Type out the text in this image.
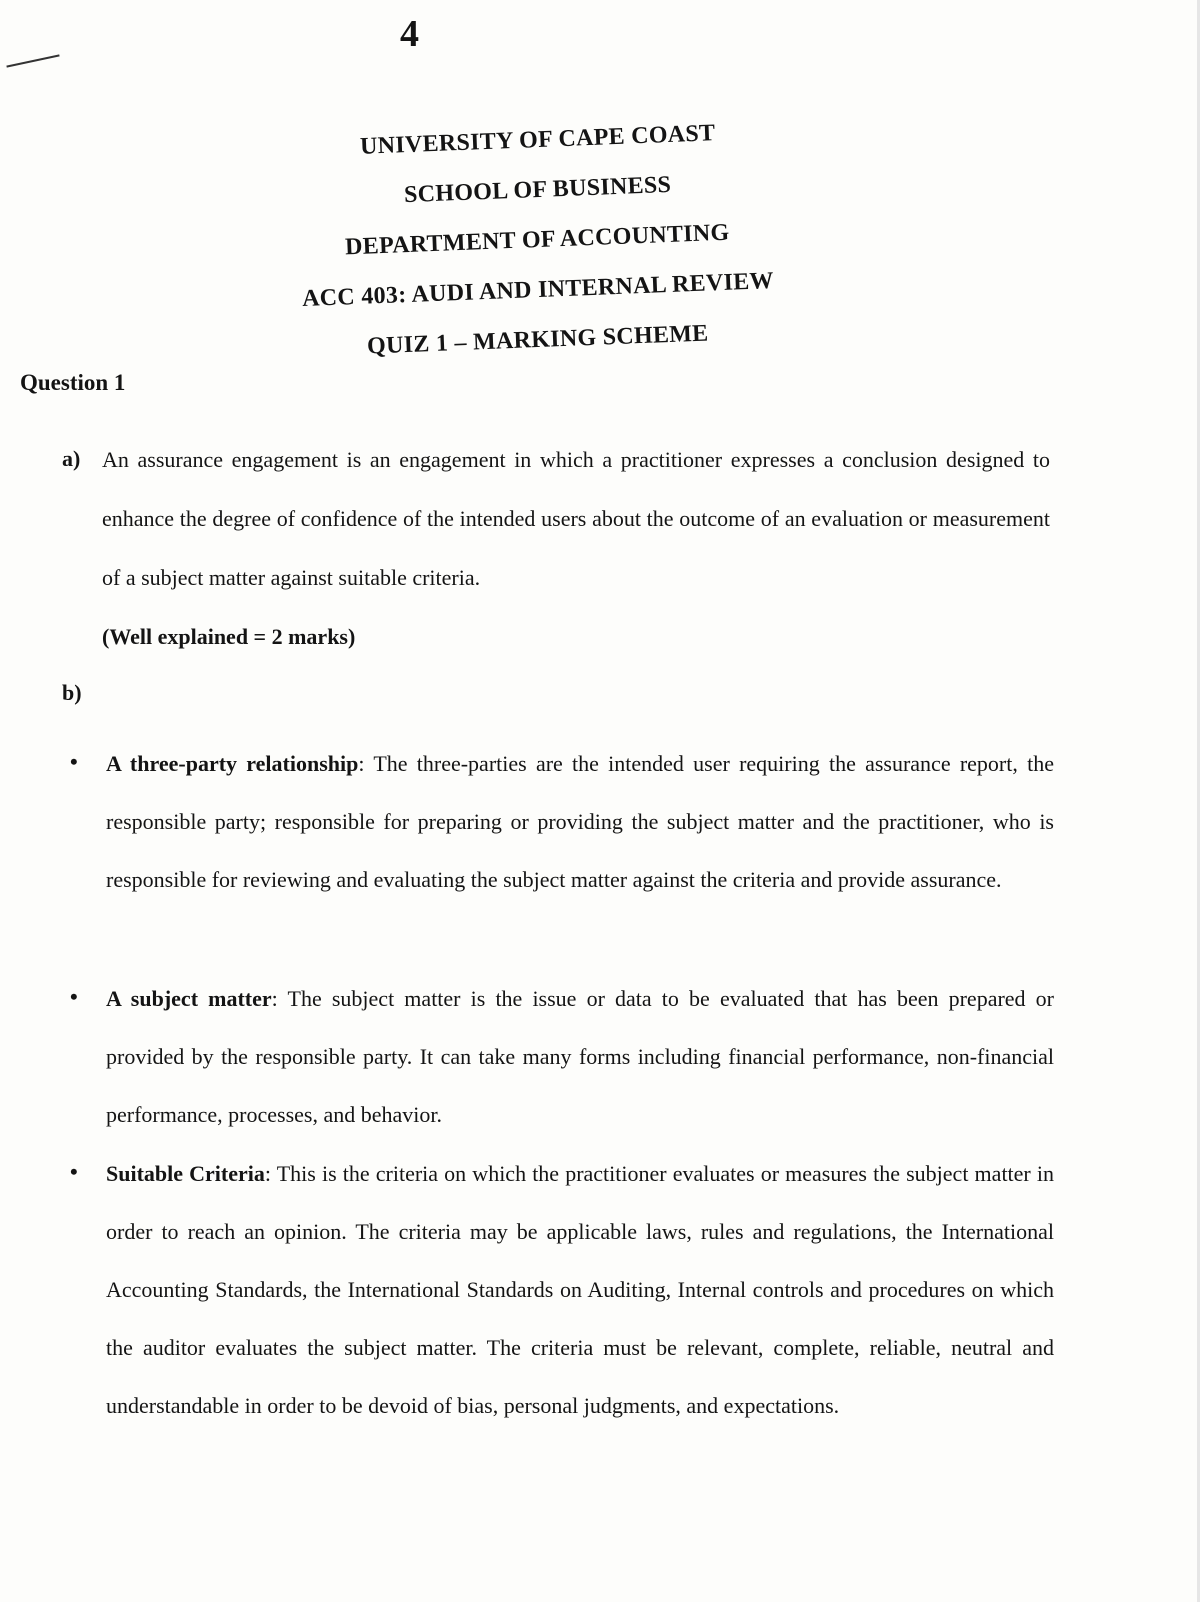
4
UNIVERSITY OF CAPE COAST
SCHOOL OF BUSINESS
DEPARTMENT OF ACCOUNTING
ACC 403: AUDI AND INTERNAL REVIEW
QUIZ 1 – MARKING SCHEME
Question 1
a) An assurance engagement is an engagement in which a practitioner expresses a conclusion designed to enhance the degree of confidence of the intended users about the outcome of an evaluation or measurement of a subject matter against suitable criteria.
(Well explained = 2 marks)
b)
• A three-party relationship: The three-parties are the intended user requiring the assurance report, the responsible party; responsible for preparing or providing the subject matter and the practitioner, who is responsible for reviewing and evaluating the subject matter against the criteria and provide assurance.
• A subject matter: The subject matter is the issue or data to be evaluated that has been prepared or provided by the responsible party. It can take many forms including financial performance, non-financial performance, processes, and behavior.
• Suitable Criteria: This is the criteria on which the practitioner evaluates or measures the subject matter in order to reach an opinion. The criteria may be applicable laws, rules and regulations, the International Accounting Standards, the International Standards on Auditing, Internal controls and procedures on which the auditor evaluates the subject matter. The criteria must be relevant, complete, reliable, neutral and understandable in order to be devoid of bias, personal judgments, and expectations.
